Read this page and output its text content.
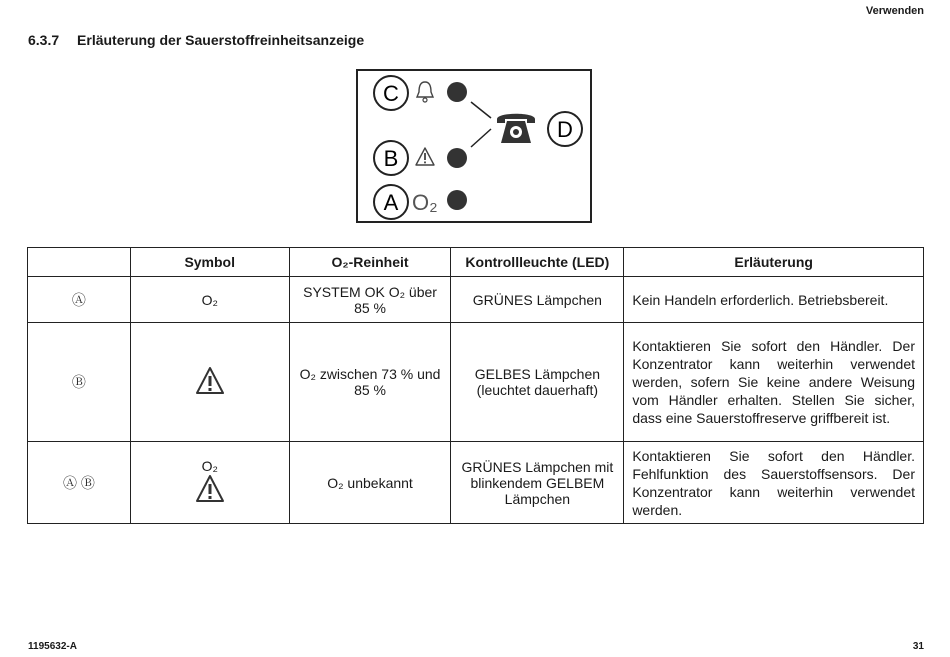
Verwenden
6.3.7 Erläuterung der Sauerstoffreinheitsanzeige
C
B
A O₂
D
	Symbol	O₂-Reinheit	Kontrollleuchte (LED)	Erläuterung
Ⓐ	O₂	SYSTEM OK O₂ über 85 %	GRÜNES Lämpchen	Kein Handeln erforderlich. Betriebsbereit.
Ⓑ		O₂ zwischen 73 % und 85 %	GELBES Lämpchen (leuchtet dauerhaft)	Kontaktieren Sie sofort den Händler. Der Konzentrator kann weiterhin verwendet werden, sofern Sie keine andere Weisung vom Händler erhalten. Stellen Sie sicher, dass eine Sauerstoffreserve griffbereit ist.
Ⓐ Ⓑ	O₂	O₂ unbekannt	GRÜNES Lämpchen mit blinkendem GELBEM Lämpchen	Kontaktieren Sie sofort den Händler. Fehlfunktion des Sauerstoffsensors. Der Konzentrator kann weiterhin verwendet werden.
1195632-A	31
